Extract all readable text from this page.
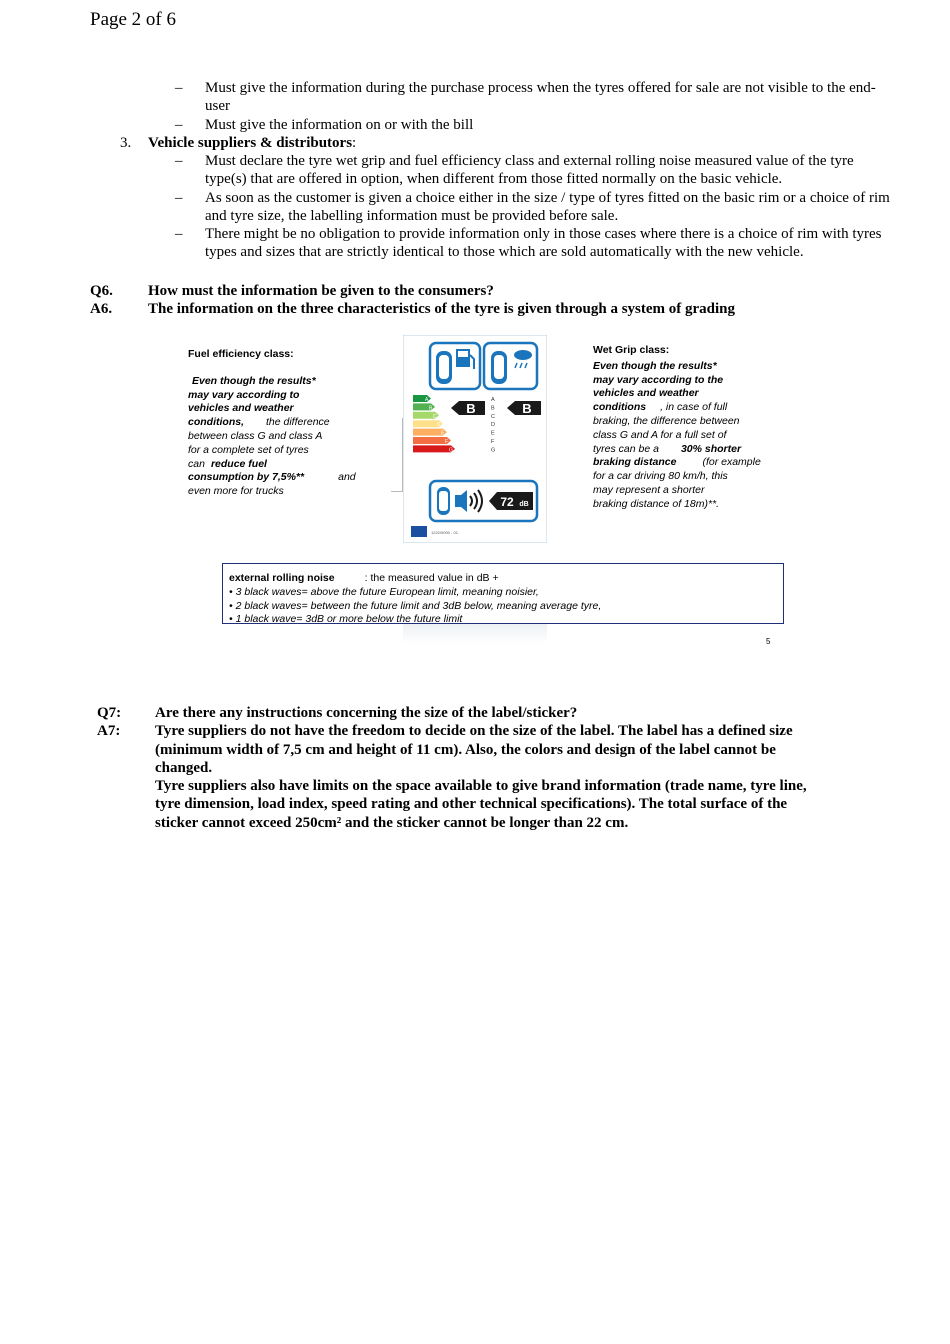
Page 2 of 6
– Must give the information during the purchase process when the tyres offered for sale are not visible to the end-user
– Must give the information on or with the bill
3. Vehicle suppliers & distributors:
– Must declare the tyre wet grip and fuel efficiency class and external rolling noise measured value of the tyre type(s) that are offered in option, when different from those fitted normally on the basic vehicle.
– As soon as the customer is given a choice either in the size / type of tyres fitted on the basic rim or a choice of rim and tyre size, the labelling information must be provided before sale.
– There might be no obligation to provide information only in those cases where there is a choice of rim with tyres types and sizes that are strictly identical to those which are sold automatically with the new vehicle.
Q6. How must the information be given to the consumers?
A6. The information on the three characteristics of the tyre is given through a system of grading
Fuel efficiency class:
Even though the results*
may vary according to
vehicles and weather
conditions, the difference
between class G and class A
for a complete set of tyres
can reduce fuel
consumption by 7,5%**	and
even more for trucks
A
B
C
D
E
F
G
B
A
B
C
D
E
F
G
B
72 dB
1222/0000 - 01
Wet Grip class:
Even though the results*
may vary according to the
vehicles and weather
conditions , in case of full
braking, the difference between
class G and A for a full set of
tyres can be a 30% shorter
braking distance (for example
for a car driving 80 km/h, this
may represent a shorter
braking distance of 18m)**.
external rolling noise	: the measured value in dB +
• 3 black waves= above the future European limit, meaning noisier,
• 2 black waves= between the future limit and 3dB below, meaning average tyre,
• 1 black wave= 3dB or more below the future limit
5
Q7: Are there any instructions concerning the size of the label/sticker?
A7: Tyre suppliers do not have the freedom to decide on the size of the label. The label has a defined size
(minimum width of 7,5 cm and height of 11 cm). Also, the colors and design of the label cannot be
changed.
Tyre suppliers also have limits on the space available to give brand information (trade name, tyre line,
tyre dimension, load index, speed rating and other technical specifications). The total surface of the
sticker cannot exceed 250cm² and the sticker cannot be longer than 22 cm.
